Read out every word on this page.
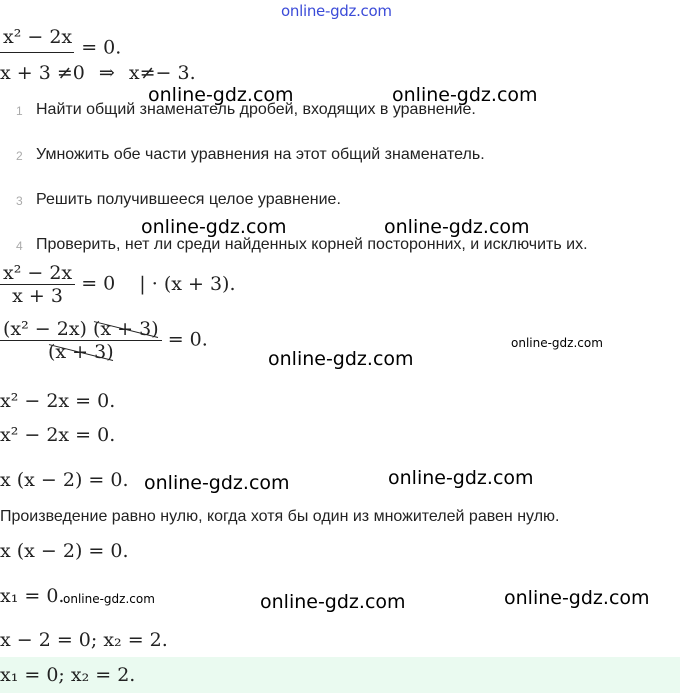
online-gdz.com
x² − 2x = 0.
x + 3 ≠0 ⇒ x≠− 3.
online-gdz.com	online-gdz.com
1 Найти общий знаменатель дробей, входящих в уравнение.
2 Умножить обе части уравнения на этот общий знаменатель.
3 Решить получившееся целое уравнение.
online-gdz.com	online-gdz.com
4 Проверить, нет ли среди найденных корней посторонних, и исключить их.
$\frac{\text{x² − 2x}}{x + 3} = 0$ | · (x + 3).
$\frac{\text{(x² − 2x) (x + 3)}}{(x + 3)} = 0$.	online-gdz.com
online-gdz.com
x² − 2x = 0.
x² − 2x = 0.
x (x − 2) = 0. online-gdz.com	online-gdz.com
Произведение равно нулю, когда хотя бы один из множителей равен нулю.
x (x − 2) = 0.
x₁ = 0.
online-gdz.com	online-gdz.com	online-gdz.com
x − 2 = 0; x₂ = 2.
x₁ = 0; x₂ = 2.
